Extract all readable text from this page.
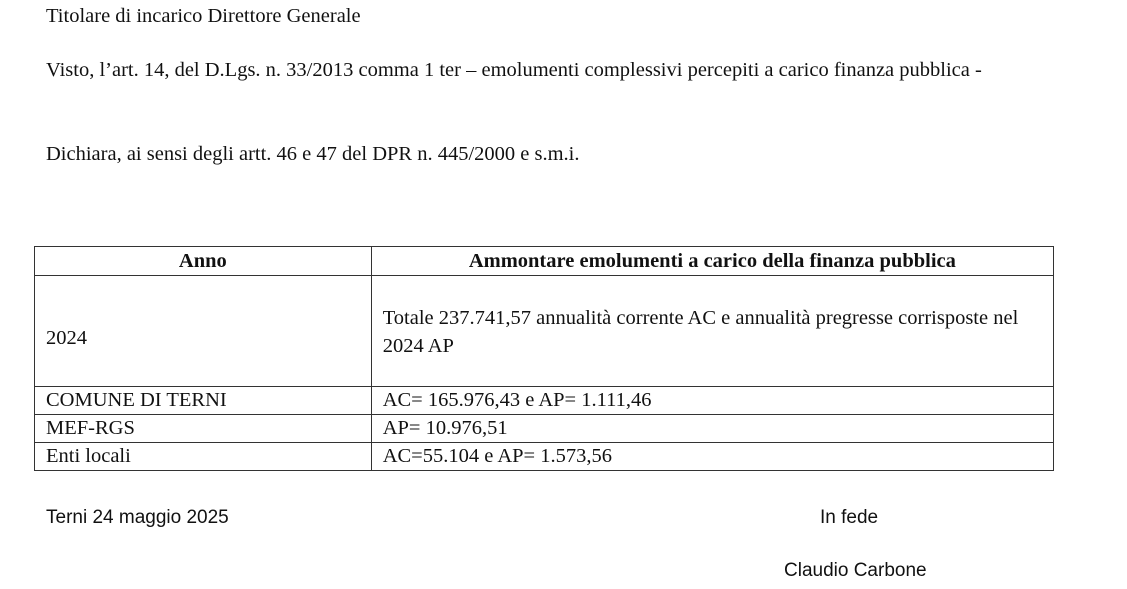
Titolare di incarico Direttore Generale

Visto, l’art. 14, del D.Lgs. n. 33/2013 comma 1 ter – emolumenti complessivi percepiti a carico finanza pubblica -

Dichiara, ai sensi degli artt. 46 e 47 del DPR n. 445/2000 e s.m.i.

Anno	Ammontare emolumenti a carico della finanza pubblica
2024	Totale 237.741,57 annualità corrente AC e annualità pregresse corrisposte nel 2024 AP
COMUNE DI TERNI	AC= 165.976,43 e AP= 1.111,46
MEF-RGS	AP= 10.976,51
Enti locali	AC=55.104 e AP= 1.573,56
Terni 24 maggio 2025	In fede
Claudio Carbone
